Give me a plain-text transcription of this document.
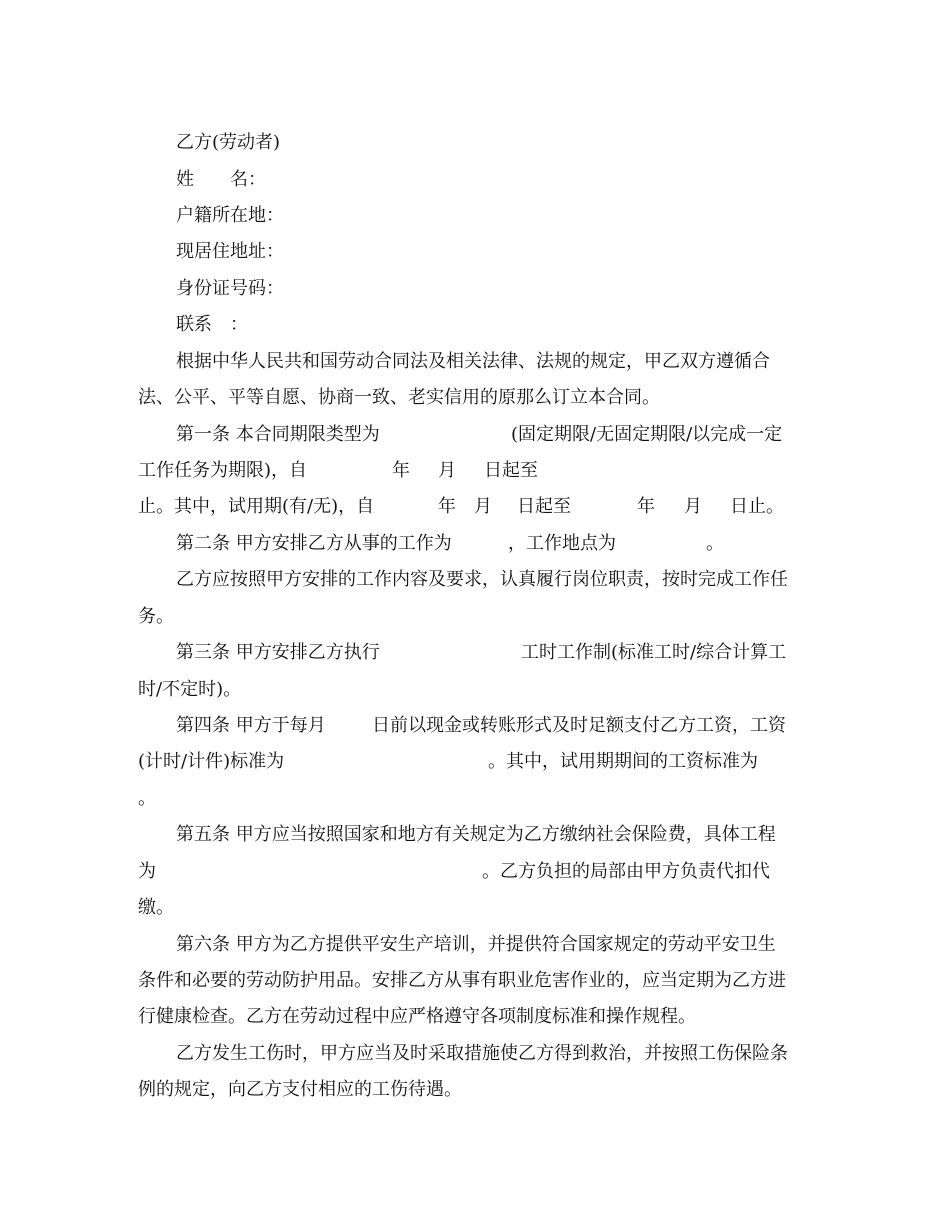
乙方(劳动者)
姓　　名：
户籍所在地：
现居住地址：
身份证号码：
联系　：
根据中华人民共和国劳动合同法及相关法律、法规的规定，甲乙双方遵循合
法、公平、平等自愿、协商一致、老实信用的原那么订立本合同。
第一条 本合同期限类型为	(固定期限/无固定期限/以完成一定
工作任务为期限)，自	年 月 日起至
止。其中，试用期(有/无)，自	年 月 日起至	年 月 日止。
第二条 甲方安排乙方从事的工作为	，工作地点为	。
乙方应按照甲方安排的工作内容及要求，认真履行岗位职责，按时完成工作任
务。
第三条 甲方安排乙方执行	工时工作制(标准工时/综合计算工
时/不定时)。
第四条 甲方于每月	日前以现金或转账形式及时足额支付乙方工资，工资
(计时/计件)标准为	。其中，试用期期间的工资标准为
。
第五条 甲方应当按照国家和地方有关规定为乙方缴纳社会保险费，具体工程
为	。乙方负担的局部由甲方负责代扣代
缴。
第六条 甲方为乙方提供平安生产培训，并提供符合国家规定的劳动平安卫生
条件和必要的劳动防护用品。安排乙方从事有职业危害作业的，应当定期为乙方进
行健康检查。乙方在劳动过程中应严格遵守各项制度标准和操作规程。
乙方发生工伤时，甲方应当及时采取措施使乙方得到救治，并按照工伤保险条
例的规定，向乙方支付相应的工伤待遇。
